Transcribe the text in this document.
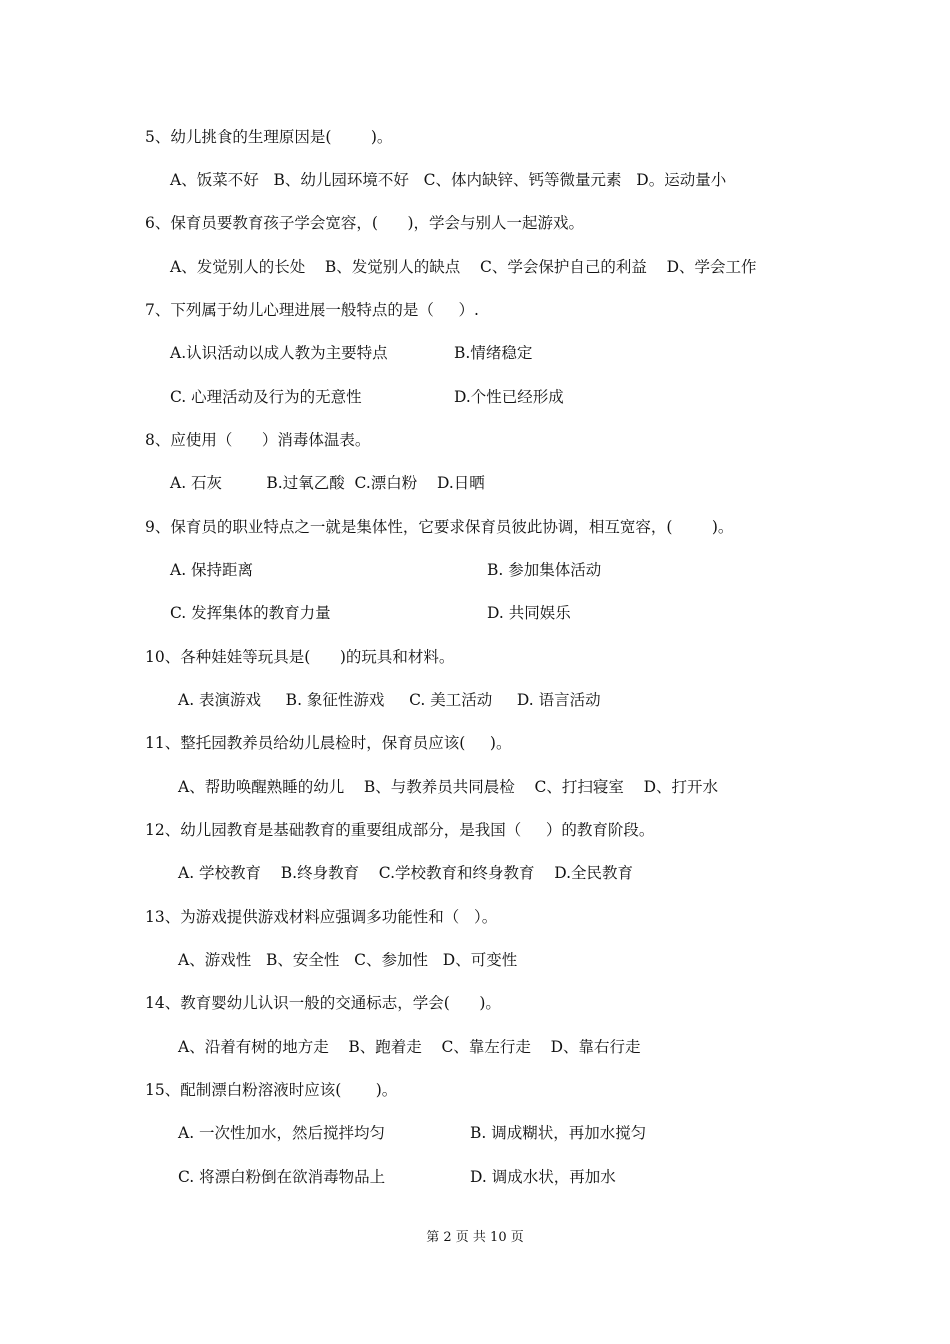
5、幼儿挑食的生理原因是(        )。
A、饭菜不好   B、幼儿园环境不好   C、体内缺锌、钙等微量元素   D。运动量小
6、保育员要教育孩子学会宽容，(      )，学会与别人一起游戏。
A、发觉别人的长处    B、发觉别人的缺点    C、学会保护自己的利益    D、学会工作
7、下列属于幼儿心理进展一般特点的是（     ）.
A.认识活动以成人教为主要特点	B.情绪稳定
C. 心理活动及行为的无意性	D.个性已经形成
8、应使用（      ）消毒体温表。
A. 石灰         B.过氧乙酸  C.漂白粉    D.日晒
9、保育员的职业特点之一就是集体性，它要求保育员彼此协调，相互宽容，(        )。
A. 保持距离	B. 参加集体活动
C. 发挥集体的教育力量	D. 共同娱乐
10、各种娃娃等玩具是(      )的玩具和材料。
A. 表演游戏     B. 象征性游戏     C. 美工活动     D. 语言活动
11、整托园教养员给幼儿晨检时，保育员应该(     )。
A、帮助唤醒熟睡的幼儿    B、与教养员共同晨检    C、打扫寝室    D、打开水
12、幼儿园教育是基础教育的重要组成部分，是我国（     ）的教育阶段。
A. 学校教育    B.终身教育    C.学校教育和终身教育    D.全民教育
13、为游戏提供游戏材料应强调多功能性和（   ）。
A、游戏性   B、安全性   C、参加性   D、可变性
14、教育婴幼儿认识一般的交通标志，学会(      )。
A、沿着有树的地方走    B、跑着走    C、靠左行走    D、靠右行走
15、配制漂白粉溶液时应该(       )。
A. 一次性加水，然后搅拌均匀	B. 调成糊状，再加水搅匀
C. 将漂白粉倒在欲消毒物品上	D. 调成水状，再加水
第 2 页 共 10 页
